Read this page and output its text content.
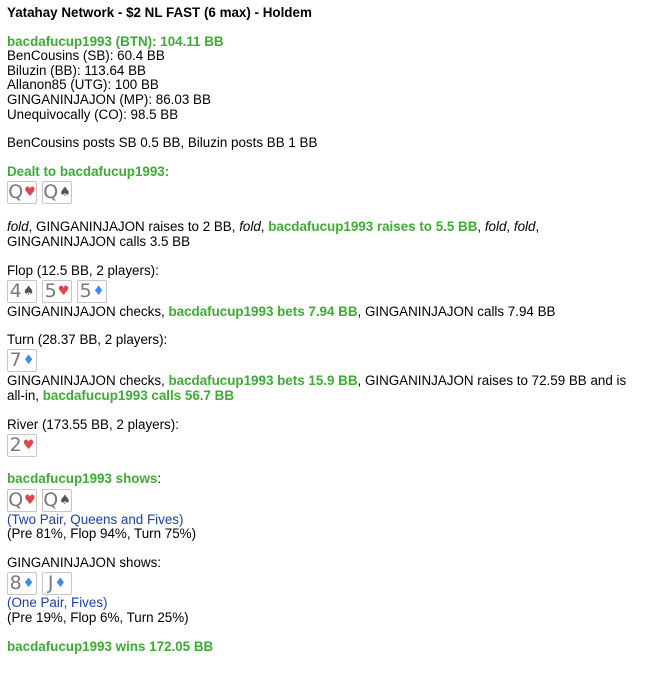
Yatahay Network - $2 NL FAST (6 max) - Holdem
bacdafucup1993 (BTN): 104.11 BB
BenCousins (SB): 60.4 BB
Biluzin (BB): 113.64 BB
Allanon85 (UTG): 100 BB
GINGANINJAJON (MP): 86.03 BB
Unequivocally (CO): 98.5 BB
BenCousins posts SB 0.5 BB, Biluzin posts BB 1 BB
Dealt to bacdafucup1993:
Q ♥ Q ♠
fold, GINGANINJAJON raises to 2 BB, fold, bacdafucup1993 raises to 5.5 BB, fold, fold,
GINGANINJAJON calls 3.5 BB
Flop (12.5 BB, 2 players):
4 ♠ 5 ♥ 5 ♦
GINGANINJAJON checks, bacdafucup1993 bets 7.94 BB, GINGANINJAJON calls 7.94 BB
Turn (28.37 BB, 2 players):
7 ♦
GINGANINJAJON checks, bacdafucup1993 bets 15.9 BB, GINGANINJAJON raises to 72.59 BB and is
all-in, bacdafucup1993 calls 56.7 BB
River (173.55 BB, 2 players):
2 ♥
bacdafucup1993 shows:
Q ♥ Q ♠
(Two Pair, Queens and Fives)
(Pre 81%, Flop 94%, Turn 75%)
GINGANINJAJON shows:
8 ♦ J ♦
(One Pair, Fives)
(Pre 19%, Flop 6%, Turn 25%)
bacdafucup1993 wins 172.05 BB
